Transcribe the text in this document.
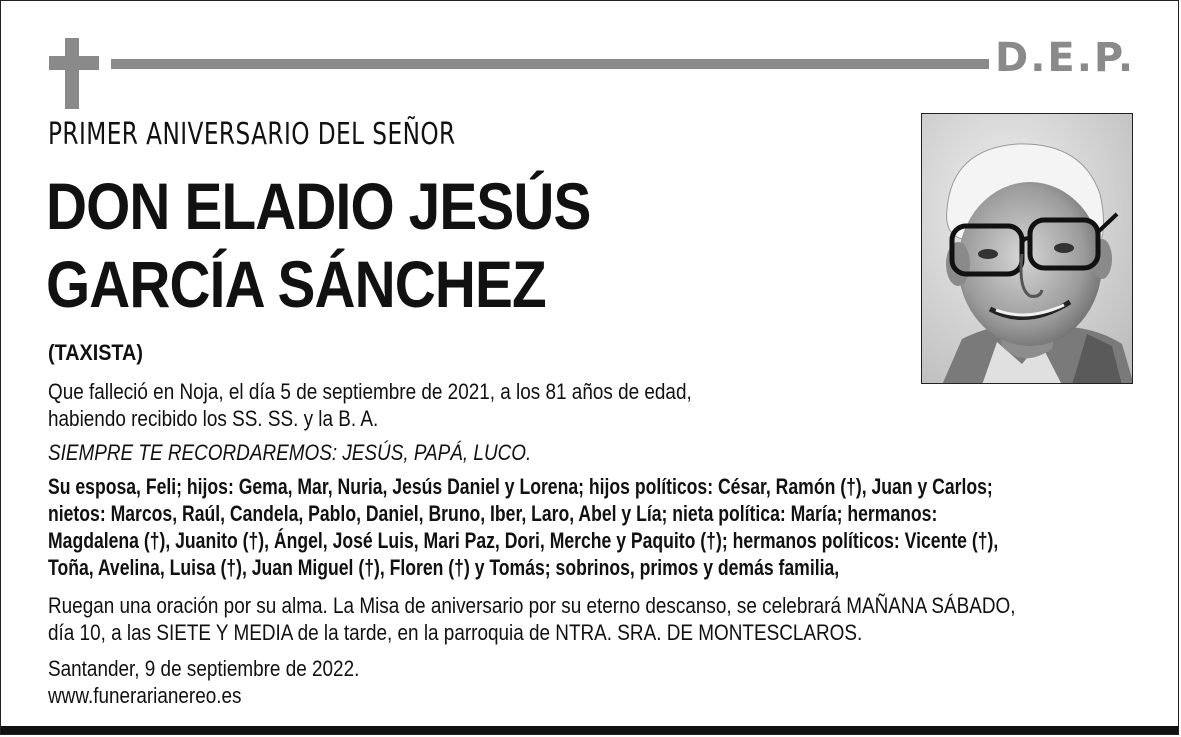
D.E.P.
PRIMER ANIVERSARIO DEL SEÑOR
DON ELADIO JESÚS
GARCÍA SÁNCHEZ
(TAXISTA)
Que falleció en Noja, el día 5 de septiembre de 2021, a los 81 años de edad,
habiendo recibido los SS. SS. y la B. A.
SIEMPRE TE RECORDAREMOS: JESÚS, PAPÁ, LUCO.
Su esposa, Feli; hijos: Gema, Mar, Nuria, Jesús Daniel y Lorena; hijos políticos: César, Ramón (†), Juan y Carlos;
nietos: Marcos, Raúl, Candela, Pablo, Daniel, Bruno, Iber, Laro, Abel y Lía; nieta política: María; hermanos:
Magdalena (†), Juanito (†), Ángel, José Luis, Mari Paz, Dori, Merche y Paquito (†); hermanos políticos: Vicente (†),
Toña, Avelina, Luisa (†), Juan Miguel (†), Floren (†) y Tomás; sobrinos, primos y demás familia,
Ruegan una oración por su alma. La Misa de aniversario por su eterno descanso, se celebrará MAÑANA SÁBADO,
día 10, a las SIETE Y MEDIA de la tarde, en la parroquia de NTRA. SRA. DE MONTESCLAROS.
Santander, 9 de septiembre de 2022.
www.funerarianereo.es
